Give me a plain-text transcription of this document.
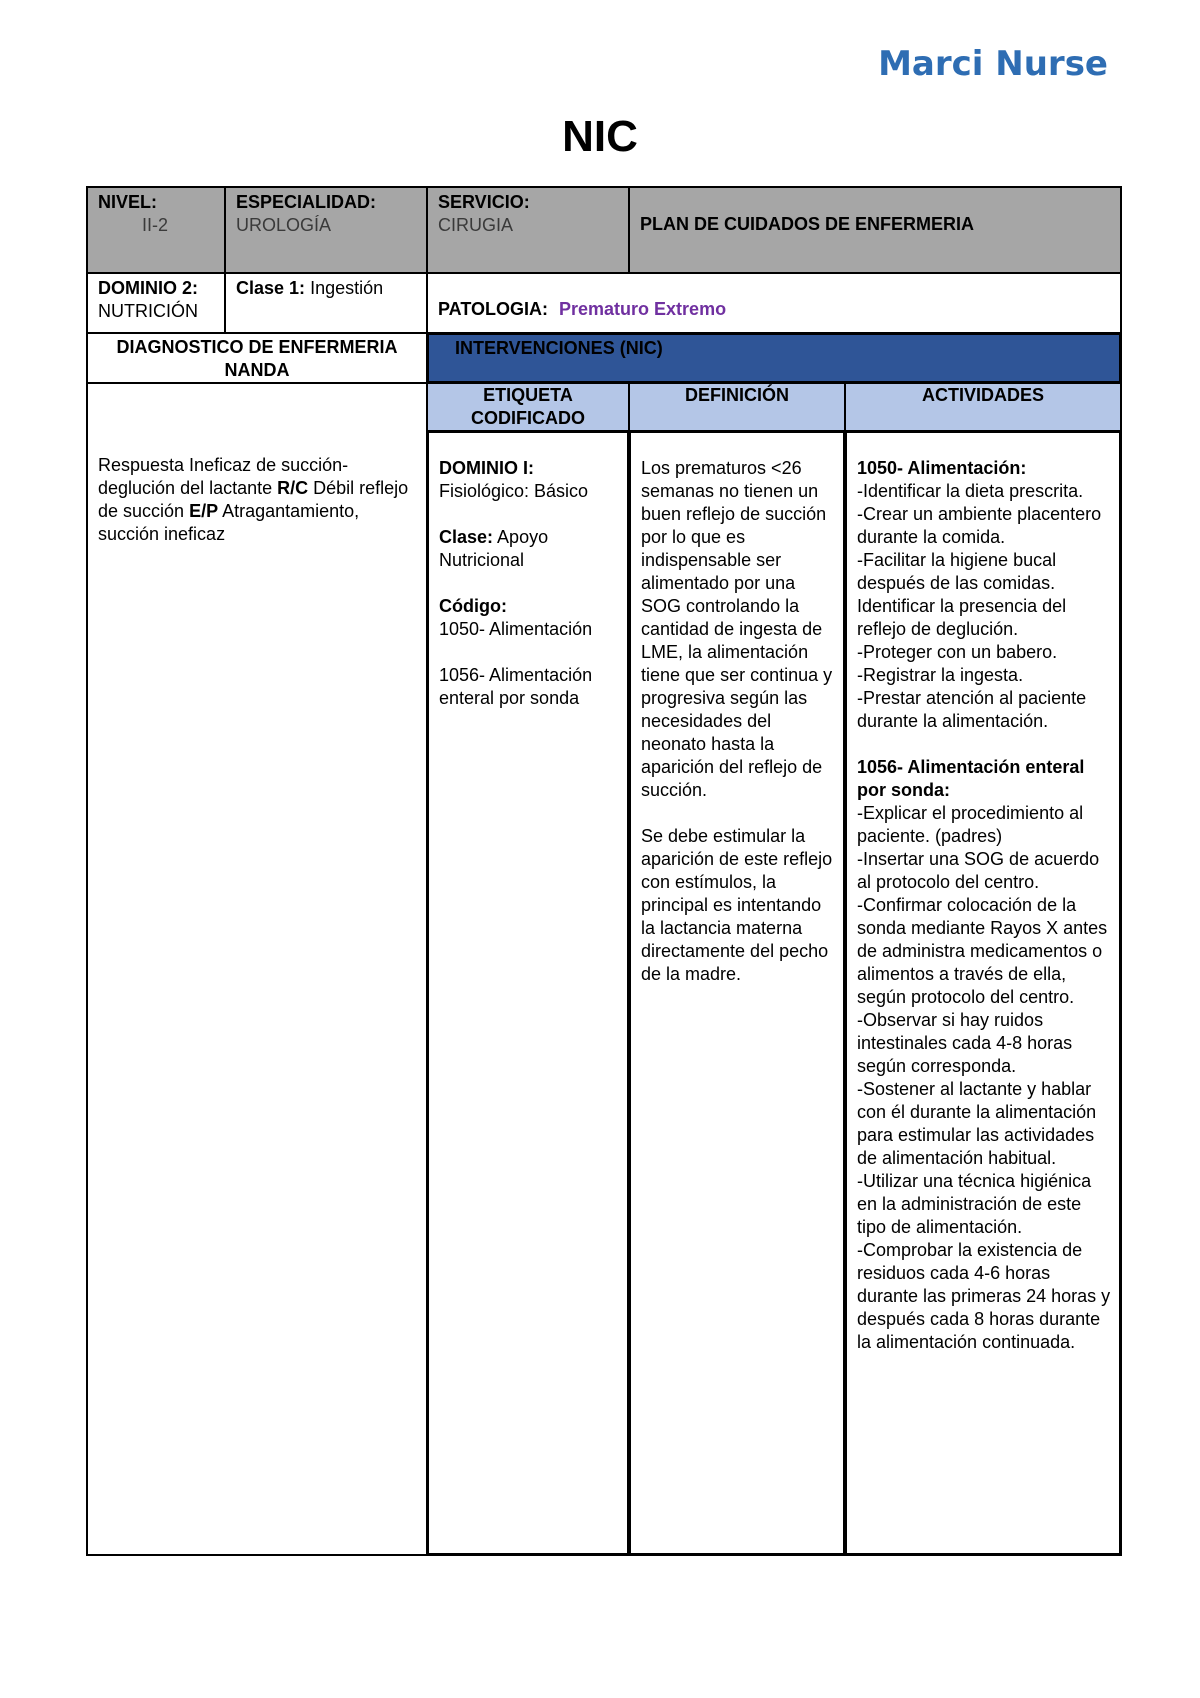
Marci Nurse
NIC
NIVEL:
II-2
ESPECIALIDAD:
UROLOGÍA
SERVICIO:
CIRUGIA	PLAN DE CUIDADOS DE ENFERMERIA
DOMINIO 2:
NUTRICIÓN
Clase 1: Ingestión
PATOLOGIA: Prematuro Extremo
DIAGNOSTICO DE ENFERMERIA NANDA
INTERVENCIONES (NIC)
ETIQUETA CODIFICADO
DEFINICIÓN	ACTIVIDADES

Respuesta Ineficaz de succión-deglución del lactante R/C Débil reflejo de succión E/P Atragantamiento, succión ineficaz

DOMINIO I:
Fisiológico: Básico

Clase: Apoyo Nutricional

Código:
1050- Alimentación
1056- Alimentación enteral por sonda

Los prematuros <26 semanas no tienen un buen reflejo de succión por lo que es indispensable ser alimentado por una SOG controlando la cantidad de ingesta de LME, la alimentación tiene que ser continua y progresiva según las necesidades del neonato hasta la aparición del reflejo de succión.

Se debe estimular la aparición de este reflejo con estímulos, la principal es intentando la lactancia materna directamente del pecho de la madre.

1050- Alimentación:
-Identificar la dieta prescrita.
-Crear un ambiente placentero durante la comida.
-Facilitar la higiene bucal después de las comidas. Identificar la presencia del reflejo de deglución.
-Proteger con un babero.
-Registrar la ingesta.
-Prestar atención al paciente durante la alimentación.
1056- Alimentación enteral por sonda:
-Explicar el procedimiento al paciente. (padres)
-Insertar una SOG de acuerdo al protocolo del centro.
-Confirmar colocación de la sonda mediante Rayos X antes de administra medicamentos o alimentos a través de ella, según protocolo del centro.
-Observar si hay ruidos intestinales cada 4-8 horas según corresponda.
-Sostener al lactante y hablar con él durante la alimentación para estimular las actividades de alimentación habitual.
-Utilizar una técnica higiénica en la administración de este tipo de alimentación.
-Comprobar la existencia de residuos cada 4-6 horas durante las primeras 24 horas y después cada 8 horas durante la alimentación continuada.
